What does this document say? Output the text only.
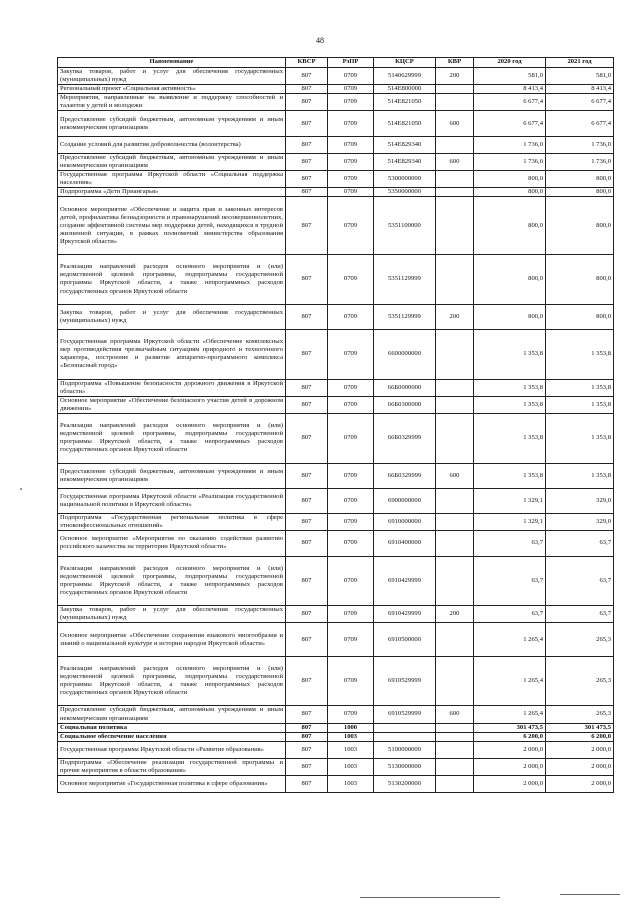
48
Наименование	КВСР	РзПР	КЦСР	КВР	2020 год	2021 год
Закупка товаров, работ и услуг для обеспечения государственных (муниципальных) нужд	807	0709	5140629999	200	581,0	581,0
Региональный проект «Социальная активность»	807	0709	514E800000		8 413,4	8 413,4
Мероприятия, направленные на выявление и поддержку способностей и талантов у детей и молодежи	807	0709	514E821050		6 677,4	6 677,4
Предоставление субсидий бюджетным, автономным учреждениям и иным некоммерческим организациям	807	0709	514E821050	600	6 677,4	6 677,4
Создание условий для развития добровольчества (волонтерства)	807	0709	514E829340		1 736,0	1 736,0
Предоставление субсидий бюджетным, автономным учреждениям и иным некоммерческим организациям	807	0709	514E829340	600	1 736,0	1 736,0
Государственная программа Иркутской области «Социальная поддержка населения»	807	0709	5300000000		800,0	800,0
Подпрограмма «Дети Приангарья»	807	0709	5350000000		800,0	800,0
Основное мероприятие «Обеспечение и защита прав и законных интересов детей, профилактика безнадзорности и правонарушений несовершеннолетних, создание эффективной системы мер поддержки детей, находящихся в трудной жизненной ситуации, в рамках полномочий министерства образования Иркутской области»	807	0709	5351100000		800,0	800,0
Реализация направлений расходов основного мероприятия и (или) ведомственной целевой программы, подпрограммы государственной программы Иркутской области, а также непрограммных расходов государственных органов Иркутской области	807	0709	5351129999		800,0	800,0
Закупка товаров, работ и услуг для обеспечения государственных (муниципальных) нужд	807	0709	5351129999	200	800,0	800,0
Государственная программа Иркутской области «Обеспечение комплексных мер противодействия чрезвычайным ситуациям природного и техногенного характера, построение и развитие аппаратно-программного комплекса «Безопасный город»	807	0709	6600000000		1 353,8	1 353,8
Подпрограмма «Повышение безопасности дорожного движения в Иркутской области»	807	0709	66Б0000000		1 353,8	1 353,8
Основное мероприятие «Обеспечение безопасного участия детей в дорожном движении»	807	0709	66Б0300000		1 353,8	1 353,8
Реализация направлений расходов основного мероприятия и (или) ведомственной целевой программы, подпрограммы государственной программы Иркутской области, а также непрограммных расходов государственных органов Иркутской области	807	0709	66Б0329999		1 353,8	1 353,8
Предоставление субсидий бюджетным, автономным учреждениям и иным некоммерческим организациям	807	0709	66Б0329999	600	1 353,8	1 353,8
Государственная программа Иркутской области «Реализация государственной национальной политики в Иркутской области»	807	0709	6900000000		1 329,1	329,0
Подпрограмма «Государственная региональная политика в сфере этноконфессиональных отношений»	807	0709	6910000000		1 329,1	329,0
Основное мероприятие «Мероприятия по оказанию содействия развитию российского казачества на территории Иркутской области»	807	0709	6910400000		63,7	63,7
Реализация направлений расходов основного мероприятия и (или) ведомственной целевой программы, подпрограммы государственной программы Иркутской области, а также непрограммных расходов государственных органов Иркутской области	807	0709	6910429999		63,7	63,7
Закупка товаров, работ и услуг для обеспечения государственных (муниципальных) нужд	807	0709	6910429999	200	63,7	63,7
Основное мероприятие «Обеспечение сохранения языкового многообразия и знаний о национальной культуре и истории народов Иркутской области»	807	0709	6910500000		1 265,4	265,3
Реализация направлений расходов основного мероприятия и (или) ведомственной целевой программы, подпрограммы государственной программы Иркутской области, а также непрограммных расходов государственных органов Иркутской области	807	0709	6910529999		1 265,4	265,3
Предоставление субсидий бюджетным, автономным учреждениям и иным некоммерческим организациям	807	0709	6910529999	600	1 265,4	265,3
Социальная политика	807	1000			301 473,5	301 473,5
Социальное обеспечение населения	807	1003			6 200,0	6 200,0
Государственная программа Иркутской области «Развитие образования»	807	1003	5100000000		2 000,0	2 000,0
Подпрограмма «Обеспечение реализации государственной программы и прочие мероприятия в области образования»	807	1003	5130000000		2 000,0	2 000,0
Основное мероприятие «Государственная политика в сфере образования»	807	1003	5130200000		2 000,0	2 000,0
